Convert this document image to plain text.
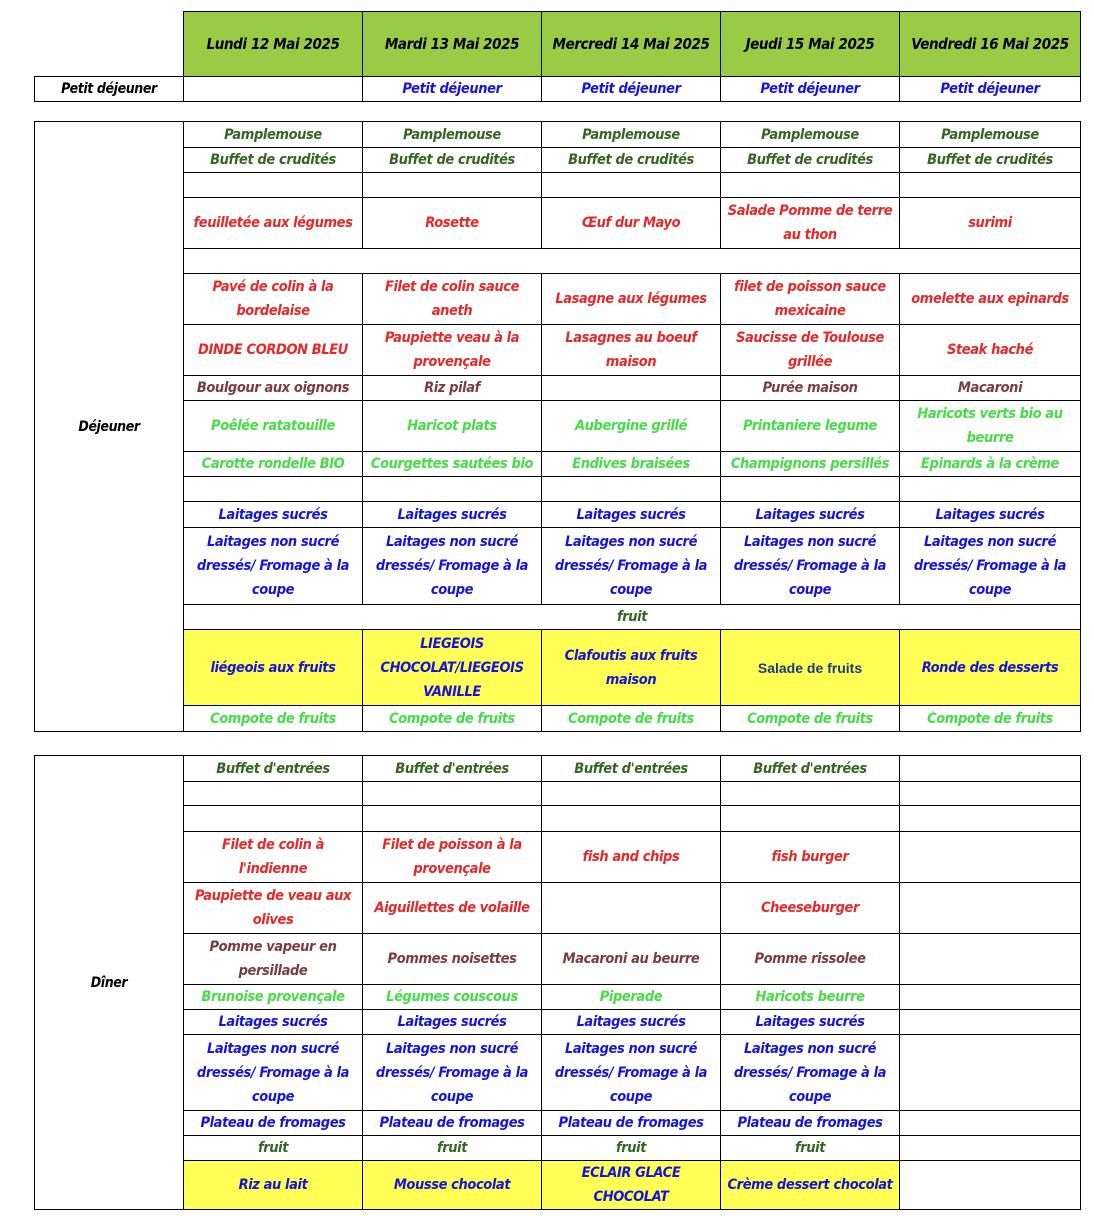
	Lundi 12 Mai 2025	Mardi 13 Mai 2025	Mercredi 14 Mai 2025	Jeudi 15 Mai 2025	Vendredi 16 Mai 2025
Petit déjeuner		Petit déjeuner	Petit déjeuner	Petit déjeuner	Petit déjeuner
Déjeuner	Pamplemouse	Pamplemouse	Pamplemouse	Pamplemouse	Pamplemouse
	Buffet de crudités	Buffet de crudités	Buffet de crudités	Buffet de crudités	Buffet de crudités

	feuilletée aux légumes	Rosette	Œuf dur Mayo	Salade Pomme de terre au thon	surimi

	Pavé de colin à la bordelaise	Filet de colin sauce aneth	Lasagne aux légumes	filet de poisson sauce mexicaine	omelette aux epinards
	DINDE CORDON BLEU	Paupiette veau à la provençale	Lasagnes au boeuf maison	Saucisse de Toulouse grillée	Steak haché
	Boulgour aux oignons	Riz pilaf		Purée maison	Macaroni
	Poêlée ratatouille	Haricot plats	Aubergine grillé	Printaniere legume	Haricots verts bio au beurre
	Carotte rondelle BIO	Courgettes sautées bio	Endives braisées	Champignons persillés	Epinards à la crème

	Laitages sucrés	Laitages sucrés	Laitages sucrés	Laitages sucrés	Laitages sucrés
	Laitages non sucré dressés/ Fromage à la coupe	Laitages non sucré dressés/ Fromage à la coupe	Laitages non sucré dressés/ Fromage à la coupe	Laitages non sucré dressés/ Fromage à la coupe	Laitages non sucré dressés/ Fromage à la coupe
	fruit				
	liégeois aux fruits	LIEGEOIS CHOCOLAT/LIEGEOIS VANILLE	Clafoutis aux fruits maison	Salade de fruits	Ronde des desserts
	Compote de fruits	Compote de fruits	Compote de fruits	Compote de fruits	Compote de fruits
Dîner	Buffet d'entrées	Buffet d'entrées	Buffet d'entrées	Buffet d'entrées	

	Filet de colin à l'indienne	Filet de poisson à la provençale	fish and chips	fish burger	
	Paupiette de veau aux olives	Aiguillettes de volaille		Cheeseburger	
	Pomme vapeur en persillade	Pommes noisettes	Macaroni au beurre	Pomme rissolee	
	Brunoise provençale	Légumes couscous	Piperade	Haricots beurre	
	Laitages sucrés	Laitages sucrés	Laitages sucrés	Laitages sucrés	
	Laitages non sucré dressés/ Fromage à la coupe	Laitages non sucré dressés/ Fromage à la coupe	Laitages non sucré dressés/ Fromage à la coupe	Laitages non sucré dressés/ Fromage à la coupe	
	Plateau de fromages	Plateau de fromages	Plateau de fromages	Plateau de fromages	
	fruit	fruit	fruit	fruit	
	Riz au lait	Mousse chocolat	ECLAIR GLACE CHOCOLAT	Crème dessert chocolat	
